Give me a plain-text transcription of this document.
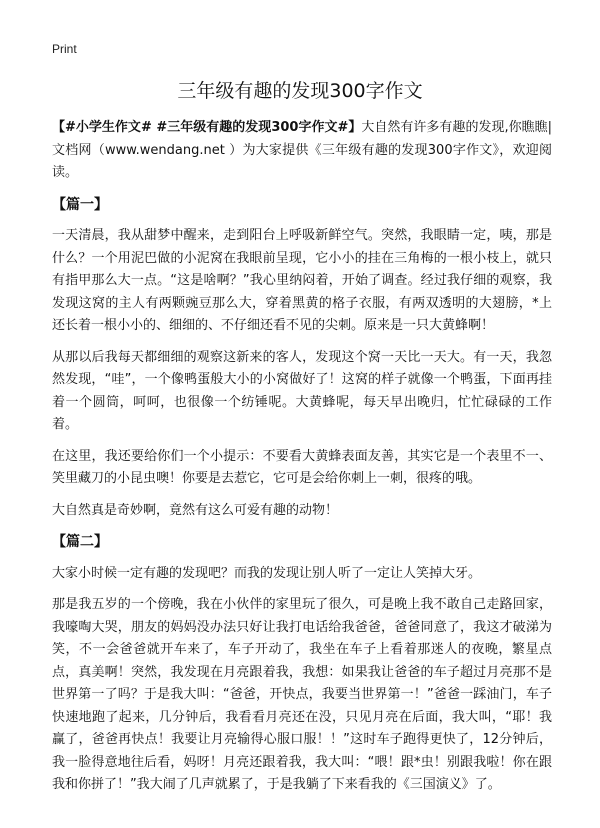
Print
三年级有趣的发现300字作文

【#小学生作文# #三年级有趣的发现300字作文#】大自然有许多有趣的发现,你瞧瞧|文档网（www.wendang.net ）为大家提供《三年级有趣的发现300字作文》，欢迎阅读。

【篇一】

一天清晨，我从甜梦中醒来，走到阳台上呼吸新鲜空气。突然，我眼睛一定，咦，那是什么？一个用泥巴做的小泥窝在我眼前呈现，它小小的挂在三角梅的一根小枝上，就只有指甲那么大一点。“这是啥啊？”我心里纳闷着，开始了调查。经过我仔细的观察，我发现这窝的主人有两颗豌豆那么大，穿着黑黄的格子衣服，有两双透明的大翅膀，*上还长着一根小小的、细细的、不仔细还看不见的尖刺。原来是一只大黄蜂啊！

从那以后我每天都细细的观察这新来的客人，发现这个窝一天比一天大。有一天，我忽然发现，“哇”，一个像鸭蛋般大小的小窝做好了！这窝的样子就像一个鸭蛋，下面再挂着一个圆筒，呵呵，也很像一个纺锤呢。大黄蜂呢，每天早出晚归，忙忙碌碌的工作着。

在这里，我还要给你们一个小提示：不要看大黄蜂表面友善，其实它是一个表里不一、笑里藏刀的小昆虫噢！你要是去惹它，它可是会给你刺上一刺，很疼的哦。

大自然真是奇妙啊，竟然有这么可爱有趣的动物！

【篇二】

大家小时候一定有趣的发现吧？而我的发现让别人听了一定让人笑掉大牙。

那是我五岁的一个傍晚，我在小伙伴的家里玩了很久，可是晚上我不敢自己走路回家，我嚎啕大哭，朋友的妈妈没办法只好让我打电话给我爸爸，爸爸同意了，我这才破涕为笑，不一会爸爸就开车来了，车子开动了，我坐在车子上看着那迷人的夜晚，繁星点点，真美啊！突然，我发现在月亮跟着我，我想：如果我让爸爸的车子超过月亮那不是世界第一了吗？于是我大叫：“爸爸，开快点，我要当世界第一！”爸爸一踩油门，车子快速地跑了起来，几分钟后，我看看月亮还在没，只见月亮在后面，我大叫，“耶！我赢了，爸爸再快点！我要让月亮输得心服口服！！”这时车子跑得更快了，12分钟后，我一脸得意地往后看，妈呀！月亮还跟着我，我大叫：“喂！跟*虫！别跟我啦！你在跟我和你拼了！”我大闹了几声就累了，于是我躺了下来看我的《三国演义》了。
